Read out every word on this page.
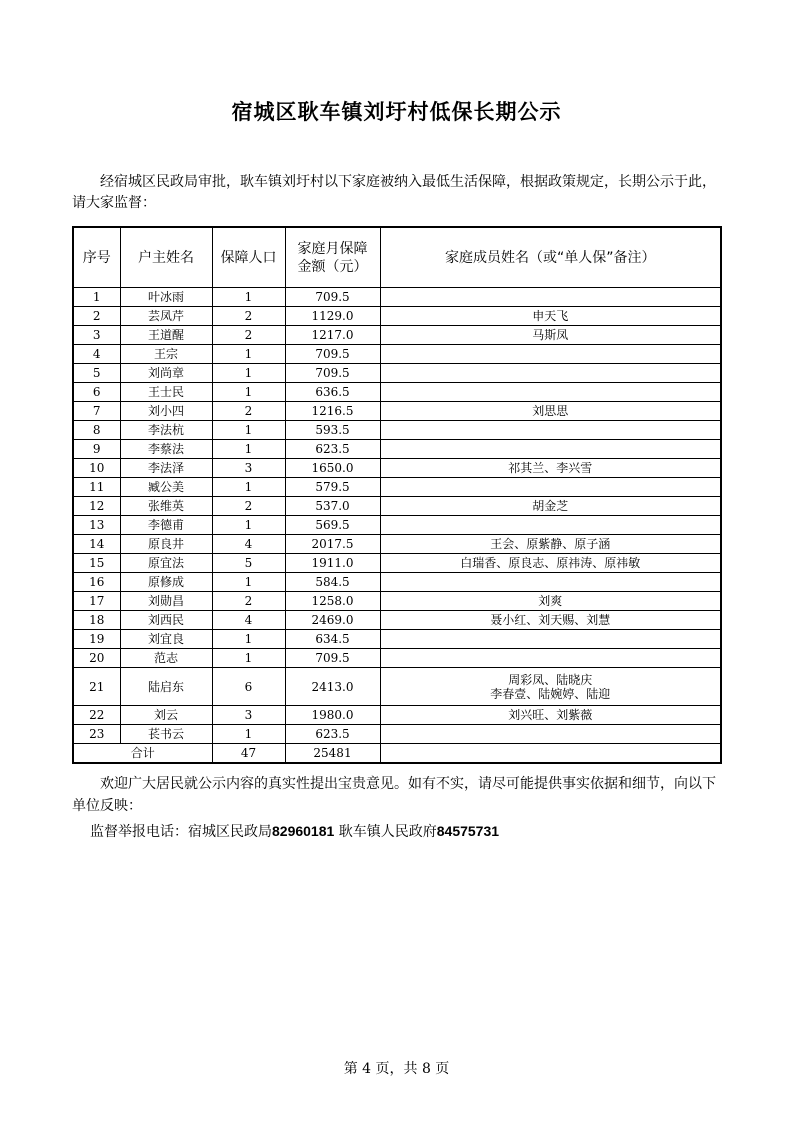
宿城区耿车镇刘圩村低保长期公示
经宿城区民政局审批，耿车镇刘圩村以下家庭被纳入最低生活保障，根据政策规定，长期公示于此，请大家监督：
序号	户主姓名	保障人口	家庭月保障
金额（元）	家庭成员姓名（或“单人保”备注）
1	叶冰雨	1	709.5	
2	芸凤芹	2	1129.0	申天飞
3	王道醒	2	1217.0	马斯凤
4	王宗	1	709.5	
5	刘尚章	1	709.5	
6	王士民	1	636.5	
7	刘小四	2	1216.5	刘思思
8	李法杭	1	593.5	
9	李蔡法	1	623.5	
10	李法泽	3	1650.0	祁其兰、李兴雪
11	臧公美	1	579.5	
12	张维英	2	537.0	胡金芝
13	李德甫	1	569.5	
14	原良井	4	2017.5	王会、原紫静、原子涵
15	原宜法	5	1911.0	白瑞香、原良志、原祎涛、原祎敏
16	原修成	1	584.5	
17	刘勋昌	2	1258.0	刘爽
18	刘西民	4	2469.0	聂小红、刘天赐、刘慧
19	刘宜良	1	634.5	
20	范志	1	709.5	
21	陆启东	6	2413.0	周彩凤、陆晓庆
李春壹、陆婉婷、陆迎

22	刘云	3	1980.0	刘兴旺、刘紫薇
23	苌书云	1	623.5	
合计		47	25481	
欢迎广大居民就公示内容的真实性提出宝贵意见。如有不实，请尽可能提供事实依据和细节，向以下单位反映：
监督举报电话：宿城区民政局82960181 耿车镇人民政府84575731
第 4 页，共 8 页
